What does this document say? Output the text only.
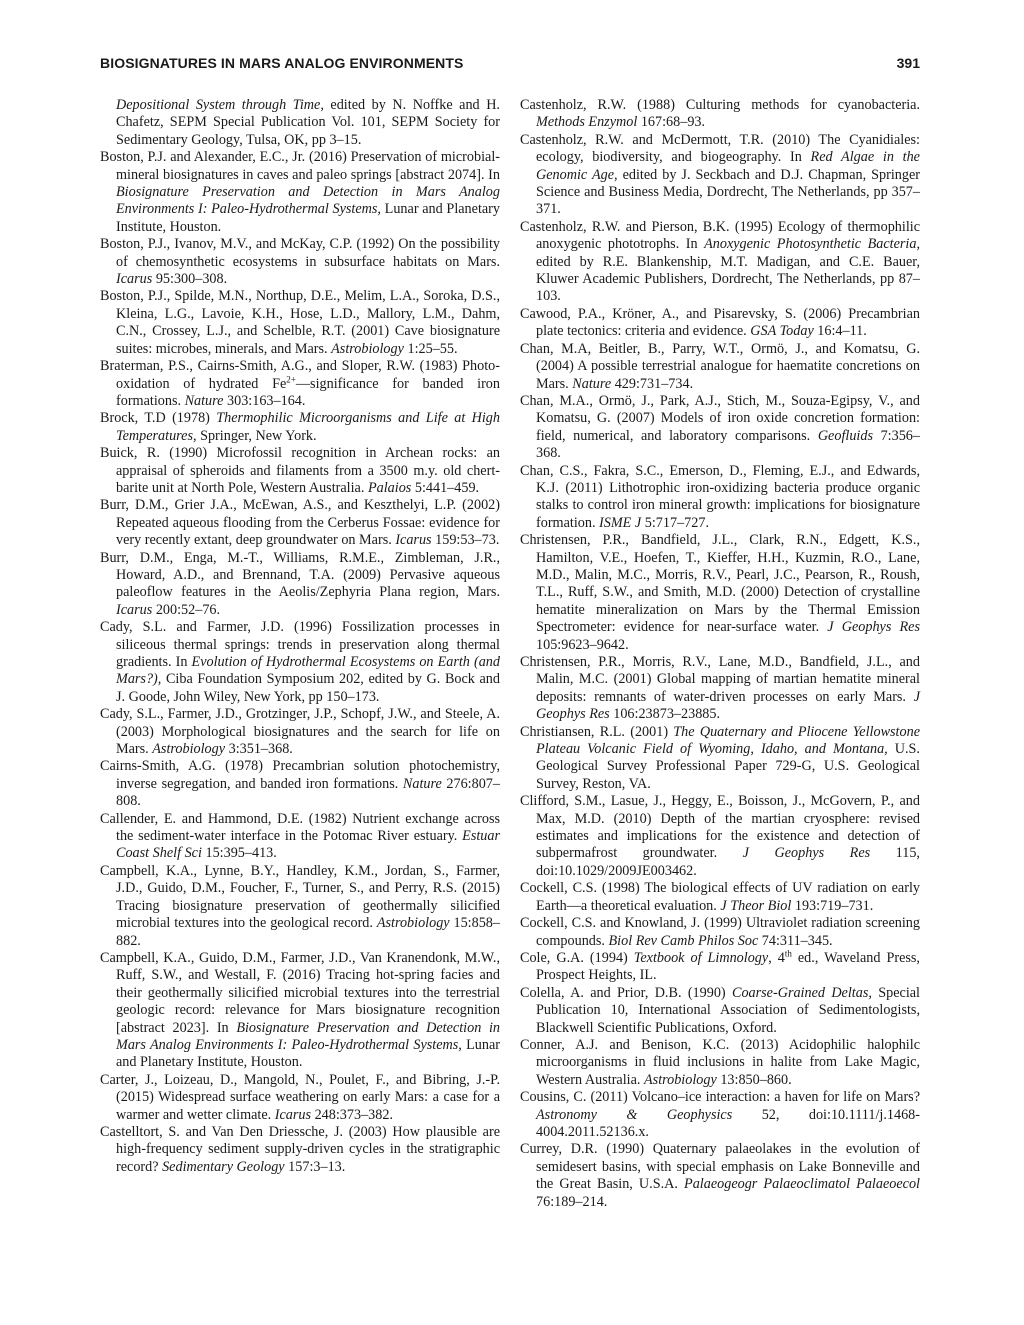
BIOSIGNATURES IN MARS ANALOG ENVIRONMENTS	391

Depositional System through Time, edited by N. Noffke and H. Chafetz, SEPM Special Publication Vol. 101, SEPM Society for Sedimentary Geology, Tulsa, OK, pp 3–15.

Boston, P.J. and Alexander, E.C., Jr. (2016) Preservation of microbial-mineral biosignatures in caves and paleo springs [abstract 2074]. In Biosignature Preservation and Detection in Mars Analog Environments I: Paleo-Hydrothermal Systems, Lunar and Planetary Institute, Houston.

Boston, P.J., Ivanov, M.V., and McKay, C.P. (1992) On the possibility of chemosynthetic ecosystems in subsurface habitats on Mars. Icarus 95:300–308.

Boston, P.J., Spilde, M.N., Northup, D.E., Melim, L.A., Soroka, D.S., Kleina, L.G., Lavoie, K.H., Hose, L.D., Mallory, L.M., Dahm, C.N., Crossey, L.J., and Schelble, R.T. (2001) Cave biosignature suites: microbes, minerals, and Mars. Astrobiology 1:25–55.

Braterman, P.S., Cairns-Smith, A.G., and Sloper, R.W. (1983) Photo-oxidation of hydrated $Fe^{2+}—significance$ for banded iron formations. Nature 303:163–164.

Brock, T.D (1978) Thermophilic Microorganisms and Life at High Temperatures, Springer, New York.

Buick, R. (1990) Microfossil recognition in Archean rocks: an appraisal of spheroids and filaments from a 3500 m.y. old chert-barite unit at North Pole, Western Australia. Palaios 5:441–459.

Burr, D.M., Grier J.A., McEwan, A.S., and Keszthelyi, L.P. (2002) Repeated aqueous flooding from the Cerberus Fossae: evidence for very recently extant, deep groundwater on Mars. Icarus 159:53–73.

Burr, D.M., Enga, M.-T., Williams, R.M.E., Zimbleman, J.R., Howard, A.D., and Brennand, T.A. (2009) Pervasive aqueous paleoflow features in the Aeolis/Zephyria Plana region, Mars. Icarus 200:52–76.

Cady, S.L. and Farmer, J.D. (1996) Fossilization processes in siliceous thermal springs: trends in preservation along thermal gradients. In Evolution of Hydrothermal Ecosystems on Earth (and Mars?), Ciba Foundation Symposium 202, edited by G. Bock and J. Goode, John Wiley, New York, pp 150–173.

Cady, S.L., Farmer, J.D., Grotzinger, J.P., Schopf, J.W., and Steele, A. (2003) Morphological biosignatures and the search for life on Mars. Astrobiology 3:351–368.

Cairns-Smith, A.G. (1978) Precambrian solution photochemistry, inverse segregation, and banded iron formations. Nature 276:807–808.

Callender, E. and Hammond, D.E. (1982) Nutrient exchange across the sediment-water interface in the Potomac River estuary. Estuar Coast Shelf Sci 15:395–413.

Campbell, K.A., Lynne, B.Y., Handley, K.M., Jordan, S., Farmer, J.D., Guido, D.M., Foucher, F., Turner, S., and Perry, R.S. (2015) Tracing biosignature preservation of geothermally silicified microbial textures into the geological record. Astrobiology 15:858–882.

Campbell, K.A., Guido, D.M., Farmer, J.D., Van Kranendonk, M.W., Ruff, S.W., and Westall, F. (2016) Tracing hot-spring facies and their geothermally silicified microbial textures into the terrestrial geologic record: relevance for Mars biosignature recognition [abstract 2023]. In Biosignature Preservation and Detection in Mars Analog Environments I: Paleo-Hydrothermal Systems, Lunar and Planetary Institute, Houston.

Carter, J., Loizeau, D., Mangold, N., Poulet, F., and Bibring, J.-P. (2015) Widespread surface weathering on early Mars: a case for a warmer and wetter climate. Icarus 248:373–382.

Castelltort, S. and Van Den Driessche, J. (2003) How plausible are high-frequency sediment supply-driven cycles in the stratigraphic record? Sedimentary Geology 157:3–13.

Castenholz, R.W. (1988) Culturing methods for cyanobacteria. Methods Enzymol 167:68–93.

Castenholz, R.W. and McDermott, T.R. (2010) The Cyanidiales: ecology, biodiversity, and biogeography. In Red Algae in the Genomic Age, edited by J. Seckbach and D.J. Chapman, Springer Science and Business Media, Dordrecht, The Netherlands, pp 357–371.

Castenholz, R.W. and Pierson, B.K. (1995) Ecology of thermophilic anoxygenic phototrophs. In Anoxygenic Photosynthetic Bacteria, edited by R.E. Blankenship, M.T. Madigan, and C.E. Bauer, Kluwer Academic Publishers, Dordrecht, The Netherlands, pp 87–103.

Cawood, P.A., Kröner, A., and Pisarevsky, S. (2006) Precambrian plate tectonics: criteria and evidence. GSA Today 16:4–11.

Chan, M.A, Beitler, B., Parry, W.T., Ormö, J., and Komatsu, G. (2004) A possible terrestrial analogue for haematite concretions on Mars. Nature 429:731–734.

Chan, M.A., Ormö, J., Park, A.J., Stich, M., Souza-Egipsy, V., and Komatsu, G. (2007) Models of iron oxide concretion formation: field, numerical, and laboratory comparisons. Geofluids 7:356–368.

Chan, C.S., Fakra, S.C., Emerson, D., Fleming, E.J., and Edwards, K.J. (2011) Lithotrophic iron-oxidizing bacteria produce organic stalks to control iron mineral growth: implications for biosignature formation. ISME J 5:717–727.

Christensen, P.R., Bandfield, J.L., Clark, R.N., Edgett, K.S., Hamilton, V.E., Hoefen, T., Kieffer, H.H., Kuzmin, R.O., Lane, M.D., Malin, M.C., Morris, R.V., Pearl, J.C., Pearson, R., Roush, T.L., Ruff, S.W., and Smith, M.D. (2000) Detection of crystalline hematite mineralization on Mars by the Thermal Emission Spectrometer: evidence for near-surface water. J Geophys Res 105:9623–9642.

Christensen, P.R., Morris, R.V., Lane, M.D., Bandfield, J.L., and Malin, M.C. (2001) Global mapping of martian hematite mineral deposits: remnants of water-driven processes on early Mars. J Geophys Res 106:23873–23885.

Christiansen, R.L. (2001) The Quaternary and Pliocene Yellowstone Plateau Volcanic Field of Wyoming, Idaho, and Montana, U.S. Geological Survey Professional Paper 729-G, U.S. Geological Survey, Reston, VA.

Clifford, S.M., Lasue, J., Heggy, E., Boisson, J., McGovern, P., and Max, M.D. (2010) Depth of the martian cryosphere: revised estimates and implications for the existence and detection of subpermafrost groundwater. J Geophys Res 115, doi:10.1029/2009JE003462.

Cockell, C.S. (1998) The biological effects of UV radiation on early Earth—a theoretical evaluation. J Theor Biol 193:719–731.

Cockell, C.S. and Knowland, J. (1999) Ultraviolet radiation screening compounds. Biol Rev Camb Philos Soc 74:311–345.

Cole, G.A. (1994) Textbook of Limnology, 4th ed., Waveland Press, Prospect Heights, IL.

Colella, A. and Prior, D.B. (1990) Coarse-Grained Deltas, Special Publication 10, International Association of Sedimentologists, Blackwell Scientific Publications, Oxford.

Conner, A.J. and Benison, K.C. (2013) Acidophilic halophilc microorganisms in fluid inclusions in halite from Lake Magic, Western Australia. Astrobiology 13:850–860.

Cousins, C. (2011) Volcano–ice interaction: a haven for life on Mars? Astronomy & Geophysics 52, doi:10.1111/j.1468-4004.2011.52136.x.

Currey, D.R. (1990) Quaternary palaeolakes in the evolution of semidesert basins, with special emphasis on Lake Bonneville and the Great Basin, U.S.A. Palaeogeogr Palaeoclimatol Palaeoecol 76:189–214.
